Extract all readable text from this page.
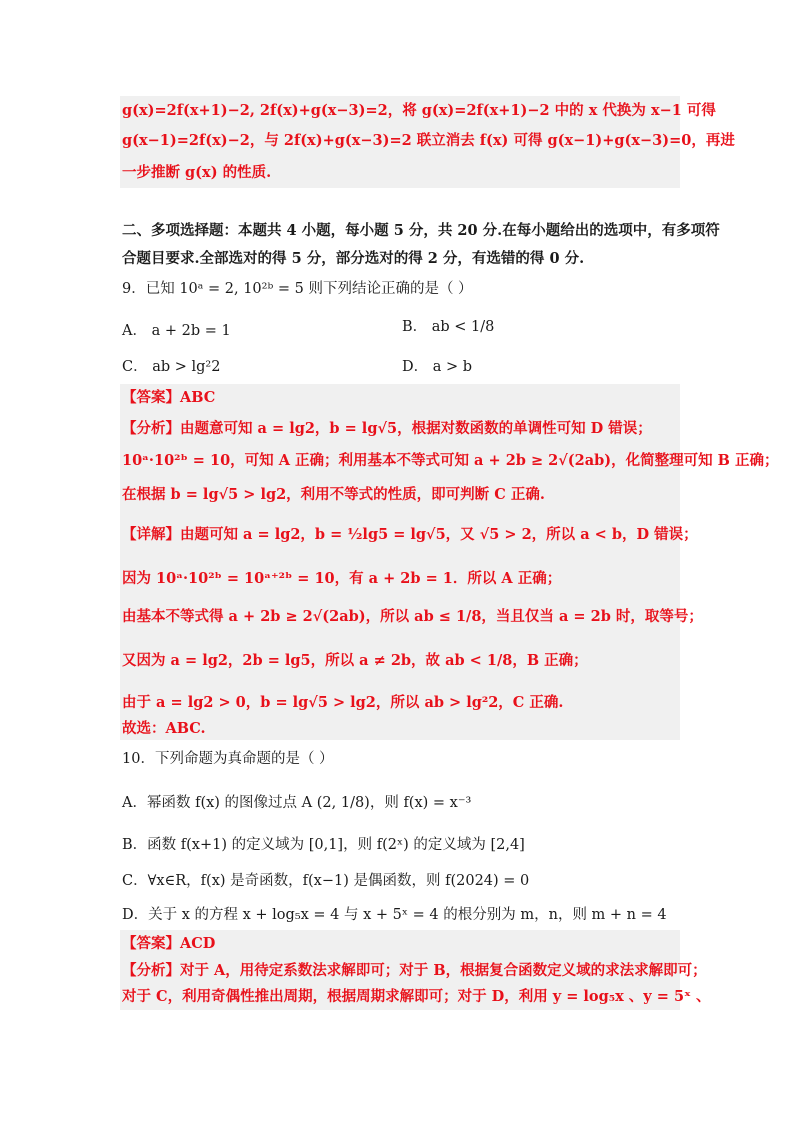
g(x)=2f(x+1)−2, 2f(x)+g(x−3)=2，将 g(x)=2f(x+1)−2 中的 x 代换为 x−1 可得
g(x−1)=2f(x)−2，与 2f(x)+g(x−3)=2 联立消去 f(x) 可得 g(x−1)+g(x−3)=0，再进
一步推断 g(x) 的性质.
二、多项选择题：本题共 4 小题，每小题 5 分，共 20 分.在每小题给出的选项中，有多项符
合题目要求.全部选对的得 5 分，部分选对的得 2 分，有选错的得 0 分.
9．已知 10ᵃ = 2, 10²ᵇ = 5 则下列结论正确的是（ ）
A． a + 2b = 1	B． ab < 1/8
C． ab > lg²2	D． a > b
【答案】ABC
【分析】由题意可知 a = lg2，b = lg√5，根据对数函数的单调性可知 D 错误；
10ᵃ·10²ᵇ = 10，可知 A 正确；利用基本不等式可知 a + 2b ≥ 2√(2ab)，化简整理可知 B 正确；
在根据 b = lg√5 > lg2，利用不等式的性质，即可判断 C 正确.
【详解】由题可知 a = lg2，b = ½lg5 = lg√5，又 √5 > 2，所以 a < b，D 错误；
因为 10ᵃ·10²ᵇ = 10ᵃ⁺²ᵇ = 10，有 a + 2b = 1．所以 A 正确；
由基本不等式得 a + 2b ≥ 2√(2ab)，所以 ab ≤ 1/8，当且仅当 a = 2b 时，取等号；
又因为 a = lg2，2b = lg5，所以 a ≠ 2b，故 ab < 1/8，B 正确；
由于 a = lg2 > 0，b = lg√5 > lg2，所以 ab > lg²2，C 正确.
故选：ABC.
10．下列命题为真命题的是（ ）
A．幂函数 f(x) 的图像过点 A (2, 1/8)，则 f(x) = x⁻³
B．函数 f(x+1) 的定义域为 [0,1]，则 f(2ˣ) 的定义域为 [2,4]
C．∀x∈R，f(x) 是奇函数，f(x−1) 是偶函数，则 f(2024) = 0
D．关于 x 的方程 x + log₅x = 4 与 x + 5ˣ = 4 的根分别为 m，n，则 m + n = 4
【答案】ACD
【分析】对于 A，用待定系数法求解即可；对于 B，根据复合函数定义域的求法求解即可；
对于 C，利用奇偶性推出周期，根据周期求解即可；对于 D，利用 y = log₅x 、y = 5ˣ 、
